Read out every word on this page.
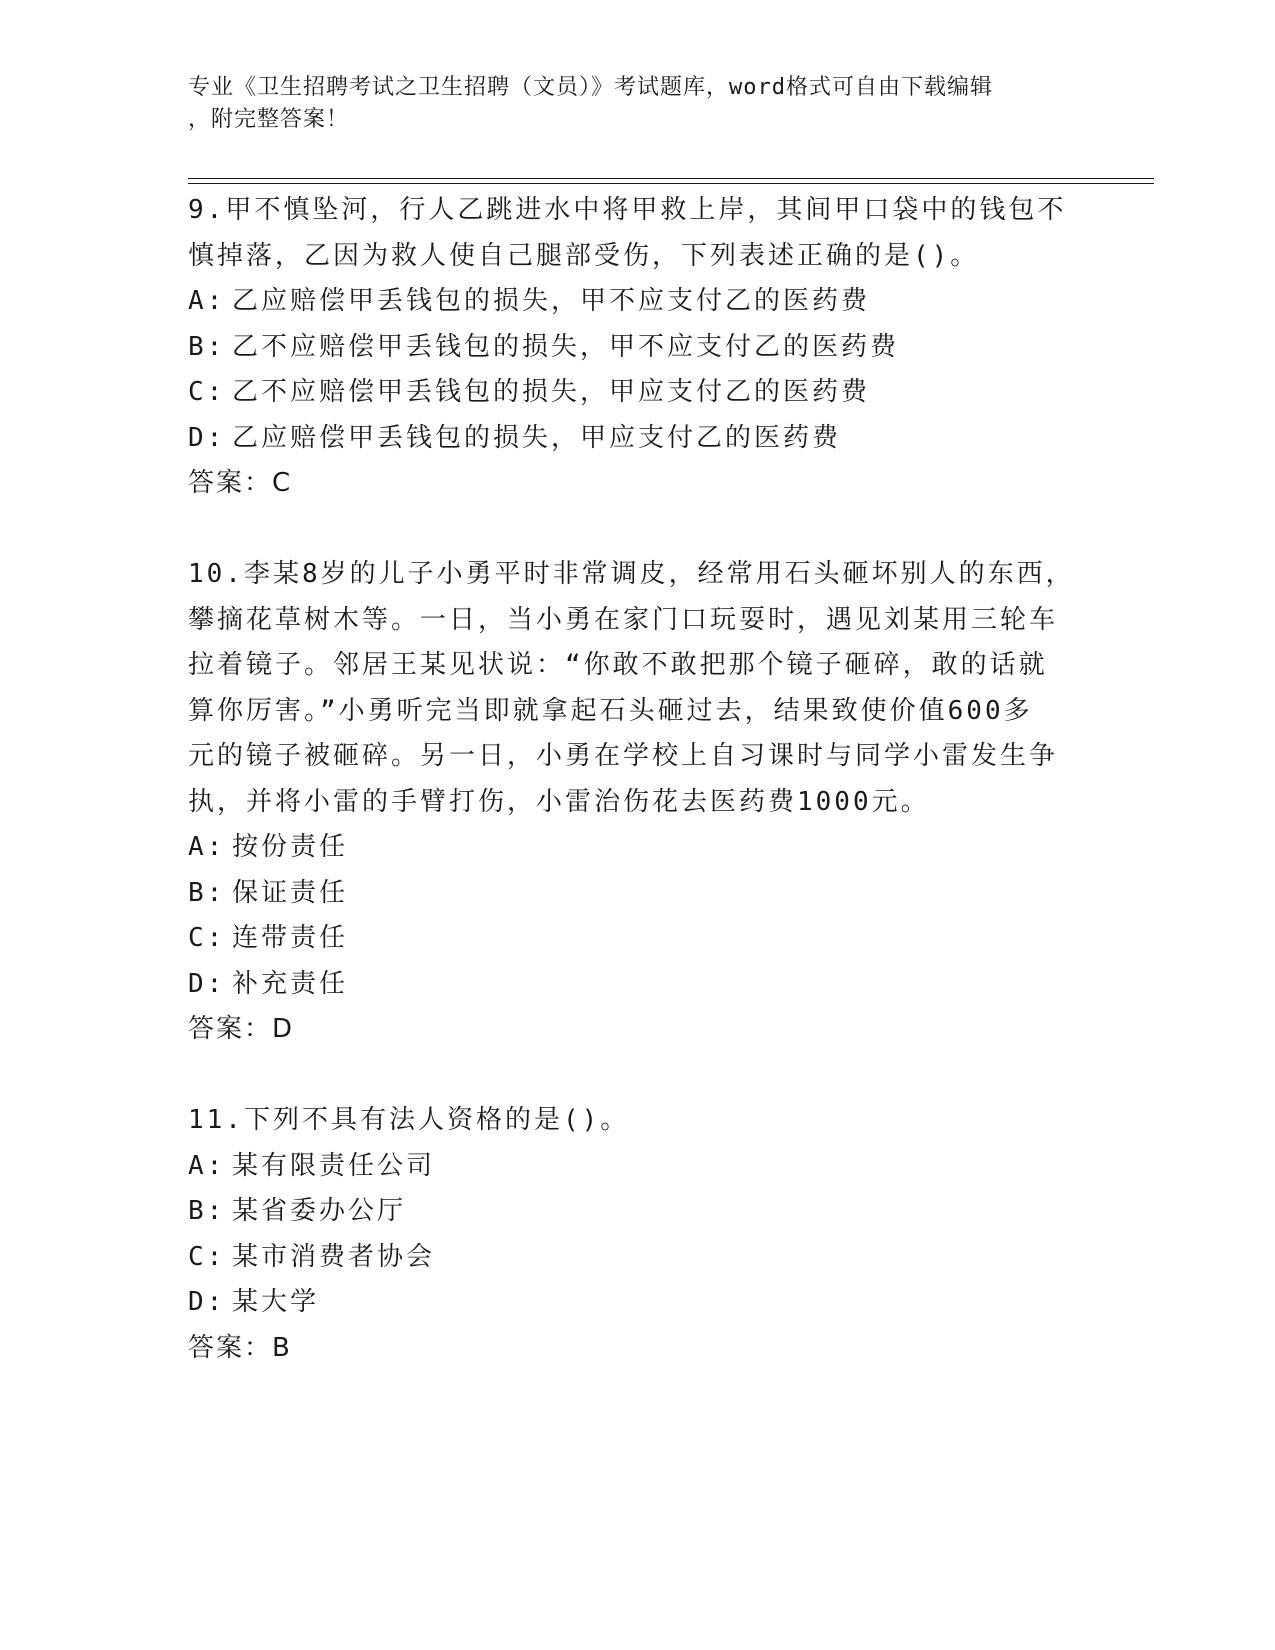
专业《卫生招聘考试之卫生招聘（文员）》考试题库，word格式可自由下载编辑
，附完整答案！

9.甲不慎坠河，行人乙跳进水中将甲救上岸，其间甲口袋中的钱包不

慎掉落，乙因为救人使自己腿部受伤，下列表述正确的是()。

A: 乙应赔偿甲丢钱包的损失，甲不应支付乙的医药费

B: 乙不应赔偿甲丢钱包的损失，甲不应支付乙的医药费

C: 乙不应赔偿甲丢钱包的损失，甲应支付乙的医药费

D: 乙应赔偿甲丢钱包的损失，甲应支付乙的医药费

答案：C

10.李某8岁的儿子小勇平时非常调皮，经常用石头砸坏别人的东西，

攀摘花草树木等。一日，当小勇在家门口玩耍时，遇见刘某用三轮车

拉着镜子。邻居王某见状说：“你敢不敢把那个镜子砸碎，敢的话就

算你厉害。”小勇听完当即就拿起石头砸过去，结果致使价值600多

元的镜子被砸碎。另一日，小勇在学校上自习课时与同学小雷发生争

执，并将小雷的手臂打伤，小雷治伤花去医药费1000元。

A: 按份责任

B: 保证责任

C: 连带责任

D: 补充责任

答案：D

11.下列不具有法人资格的是()。

A: 某有限责任公司

B: 某省委办公厅

C: 某市消费者协会

D: 某大学

答案：B
